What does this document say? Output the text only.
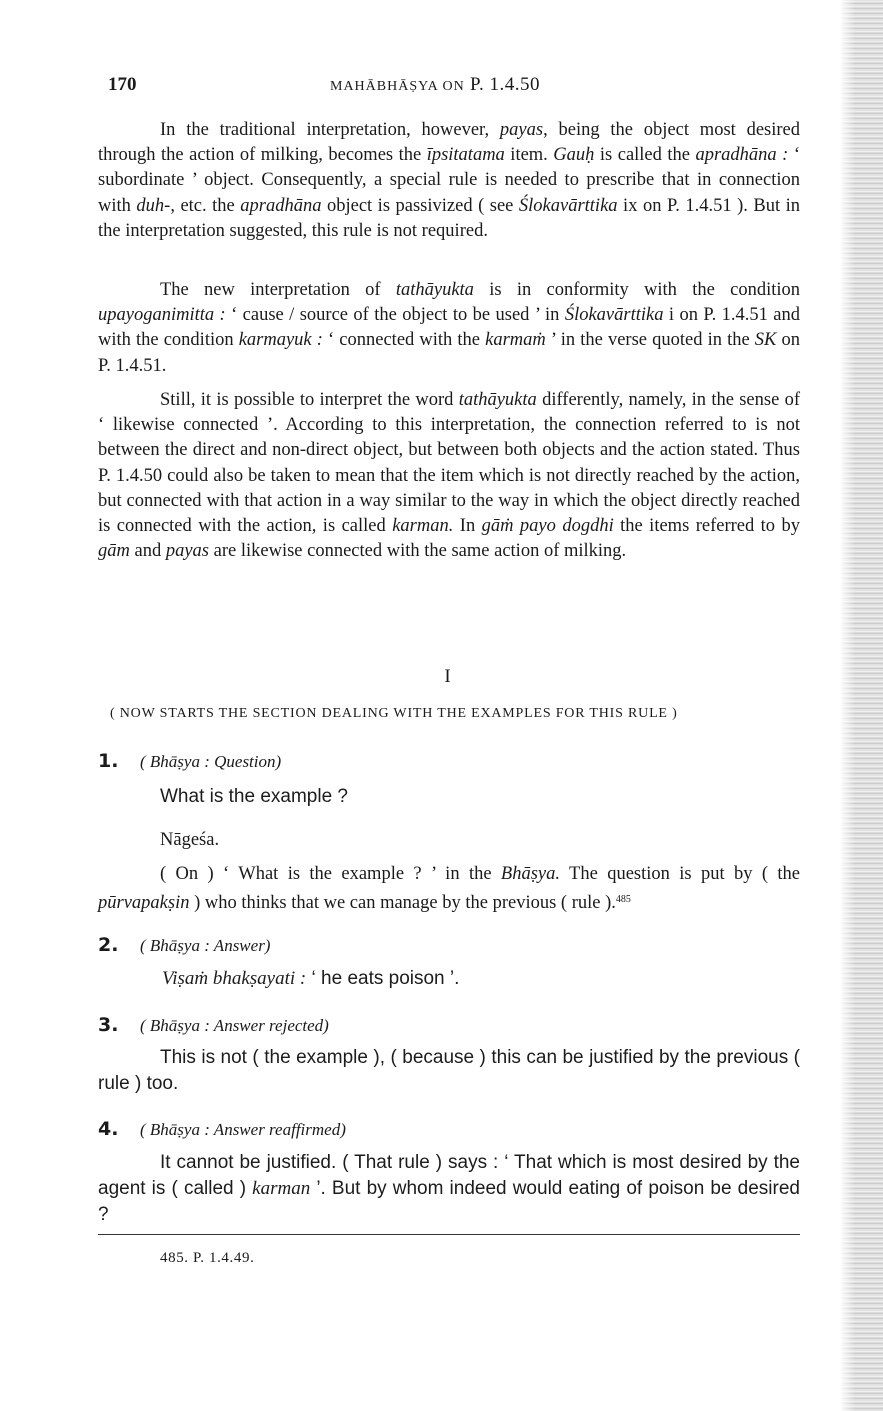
170	MAHĀBHĀṢYA ON P. 1.4.50
In the traditional interpretation, however, payas, being the object most desired through the action of milking, becomes the īpsitatama item. Gauḥ is called the apradhāna : ‘ subordinate ’ object. Consequently, a special rule is needed to prescribe that in connection with duh-, etc. the apradhāna object is passivized ( see Ślokavārttika ix on P. 1.4.51 ). But in the interpretation suggested, this rule is not required.
The new interpretation of tathāyukta is in conformity with the condition upayoganimitta : ‘ cause / source of the object to be used ’ in Ślokavārttika i on P. 1.4.51 and with the condition karmayuk : ‘ connected with the karmaṁ ’ in the verse quoted in the SK on P. 1.4.51.
Still, it is possible to interpret the word tathāyukta differently, namely, in the sense of ‘ likewise connected ’. According to this interpretation, the connection referred to is not between the direct and non-direct object, but between both objects and the action stated. Thus P. 1.4.50 could also be taken to mean that the item which is not directly reached by the action, but connected with that action in a way similar to the way in which the object directly reached is connected with the action, is called karman. In gāṁ payo dogdhi the items referred to by gām and payas are likewise connected with the same action of milking.
I
( NOW STARTS THE SECTION DEALING WITH THE EXAMPLES FOR THIS RULE )
1. ( Bhāṣya : Question)
What is the example ?
Nāgeśa.
( On ) ‘ What is the example ? ’ in the Bhāṣya. The question is put by ( the pūrvapakṣin ) who thinks that we can manage by the previous ( rule ).$^{485}$
2. ( Bhāṣya : Answer)
Viṣaṁ bhakṣayati : ‘ he eats poison ’.
3. ( Bhāṣya : Answer rejected)
This is not ( the example ), ( because ) this can be justified by the previous ( rule ) too.
4. ( Bhāṣya : Answer reaffirmed)
It cannot be justified. ( That rule ) says : ‘ That which is most desired by the agent is ( called ) karman ’. But by whom indeed would eating of poison be desired ?
485. P. 1.4.49.
